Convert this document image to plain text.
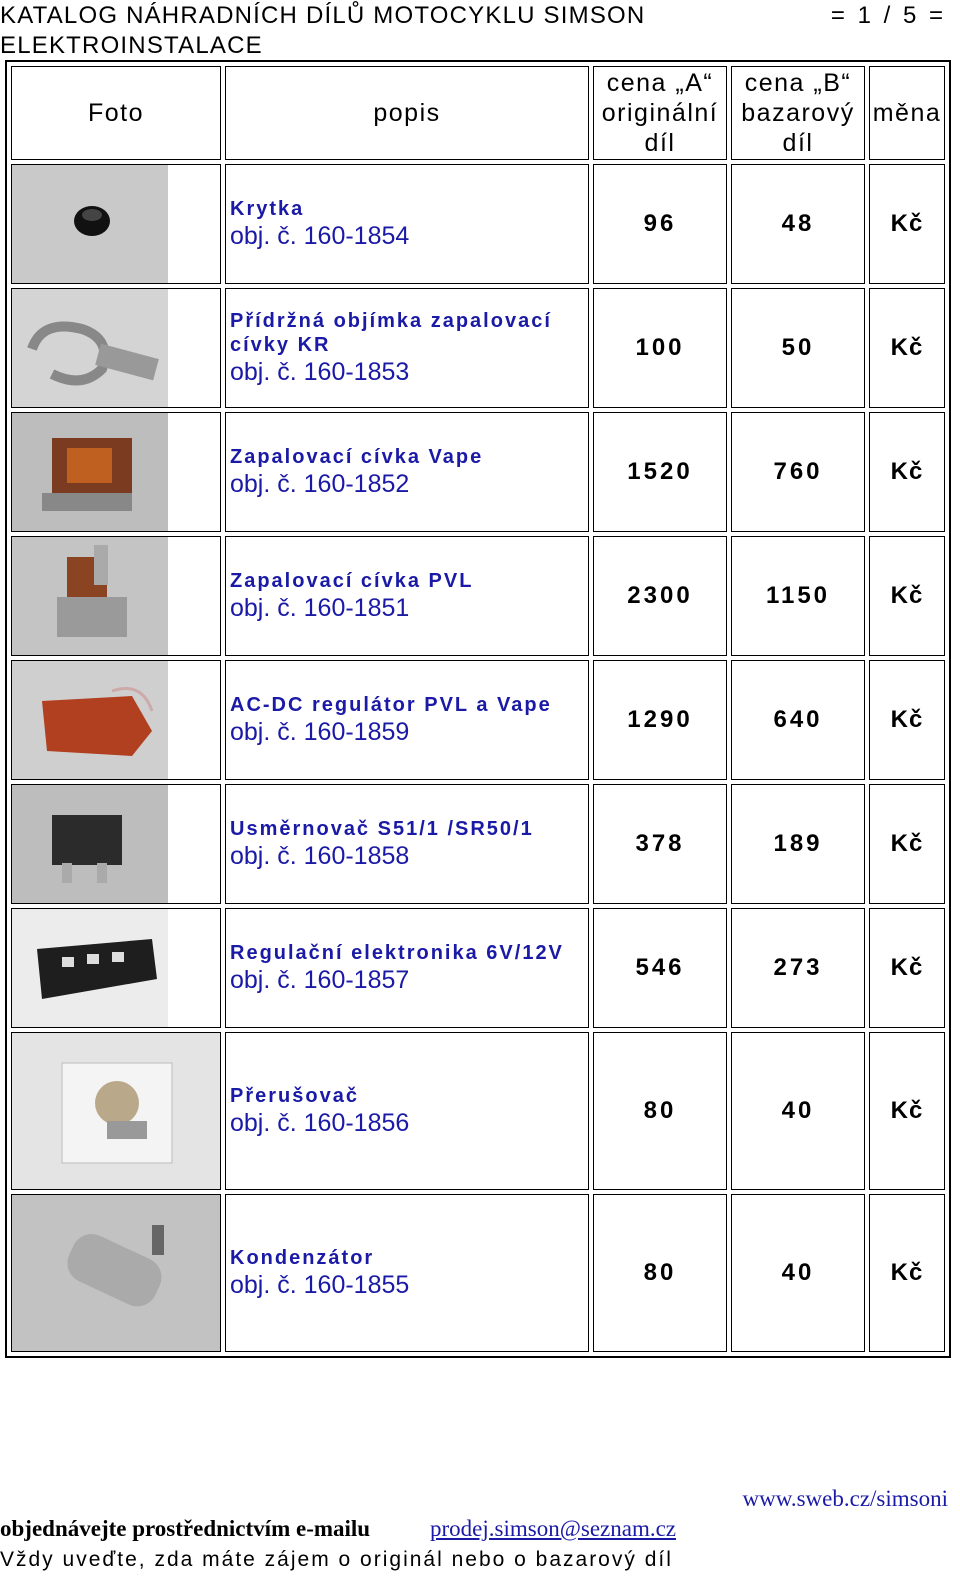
KATALOG NÁHRADNÍCH DÍLŮ MOTOCYKLU SIMSON
ELEKTROINSTALACE
= 1 / 5 =
Foto	popis	cena „A“ originální díl	cena „B“ bazarový díl	měna

Krytka
obj. č. 160-1854	96	48	Kč

Přídržná objímka zapalovací cívky KR
obj. č. 160-1853	100	50	Kč

Zapalovací cívka Vape
obj. č. 160-1852	1520	760	Kč

Zapalovací cívka PVL
obj. č. 160-1851	2300	1150	Kč

AC-DC regulátor PVL a Vape
obj. č. 160-1859	1290	640	Kč

Usměrnovač S51/1 /SR50/1
obj. č. 160-1858	378	189	Kč

Regulační elektronika 6V/12V
obj. č. 160-1857	546	273	Kč

Přerušovač
obj. č. 160-1856	80	40	Kč

Kondenzátor
obj. č. 160-1855	80	40	Kč
www.sweb.cz/simsoni
objednávejte prostřednictvím e-mailu	prodej.simson@seznam.cz
Vždy uveďte, zda máte zájem o originál nebo o bazarový díl
